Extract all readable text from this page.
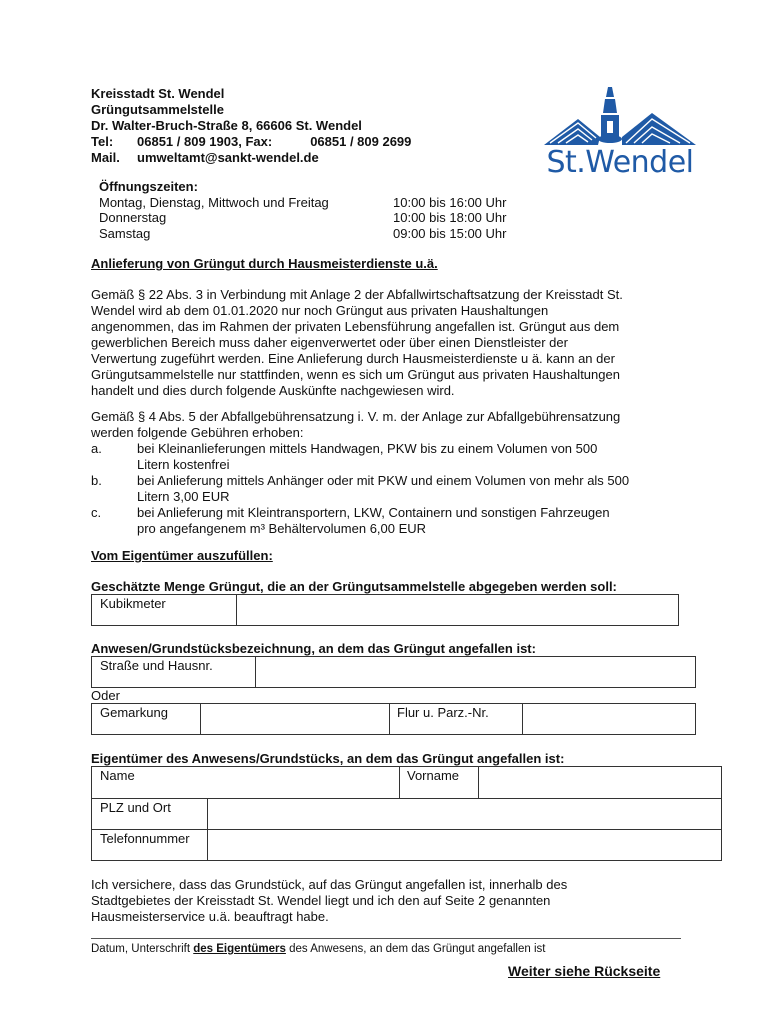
Kreisstadt St. Wendel
Grüngutsammelstelle
Dr. Walter-Bruch-Straße 8, 66606 St. Wendel
Tel: 06851 / 809 1903, Fax:	06851 / 809 2699
Mail. umweltamt@sankt-wendel.de	St.Wendel
Öffnungszeiten:
Montag, Dienstag, Mittwoch und Freitag	10:00 bis 16:00 Uhr
Donnerstag	10:00 bis 18:00 Uhr
Samstag	09:00 bis 15:00 Uhr
Anlieferung von Grüngut durch Hausmeisterdienste u.ä.
Gemäß § 22 Abs. 3 in Verbindung mit Anlage 2 der Abfallwirtschaftsatzung der Kreisstadt St.
Wendel wird ab dem 01.01.2020 nur noch Grüngut aus privaten Haushaltungen
angenommen, das im Rahmen der privaten Lebensführung angefallen ist. Grüngut aus dem
gewerblichen Bereich muss daher eigenverwertet oder über einen Dienstleister der
Verwertung zugeführt werden. Eine Anlieferung durch Hausmeisterdienste u ä. kann an der
Grüngutsammelstelle nur stattfinden, wenn es sich um Grüngut aus privaten Haushaltungen
handelt und dies durch folgende Auskünfte nachgewiesen wird.
Gemäß § 4 Abs. 5 der Abfallgebührensatzung i. V. m. der Anlage zur Abfallgebührensatzung
werden folgende Gebühren erhoben:
a.	bei Kleinanlieferungen mittels Handwagen, PKW bis zu einem Volumen von 500
Litern kostenfrei
b.	bei Anlieferung mittels Anhänger oder mit PKW und einem Volumen von mehr als 500
Litern 3,00 EUR
c.	bei Anlieferung mit Kleintransportern, LKW, Containern und sonstigen Fahrzeugen
pro angefangenem m³ Behältervolumen 6,00 EUR
Vom Eigentümer auszufüllen:
Geschätzte Menge Grüngut, die an der Grüngutsammelstelle abgegeben werden soll:
Kubikmeter
Anwesen/Grundstücksbezeichnung, an dem das Grüngut angefallen ist:
Straße und Hausnr.
Oder
Gemarkung	Flur u. Parz.-Nr.
Eigentümer des Anwesens/Grundstücks, an dem das Grüngut angefallen ist:
Name	Vorname
PLZ und Ort
Telefonnummer
Ich versichere, dass das Grundstück, auf das Grüngut angefallen ist, innerhalb des
Stadtgebietes der Kreisstadt St. Wendel liegt und ich den auf Seite 2 genannten
Hausmeisterservice u.ä. beauftragt habe.
Datum, Unterschrift des Eigentümers des Anwesens, an dem das Grüngut angefallen ist
Weiter siehe Rückseite
